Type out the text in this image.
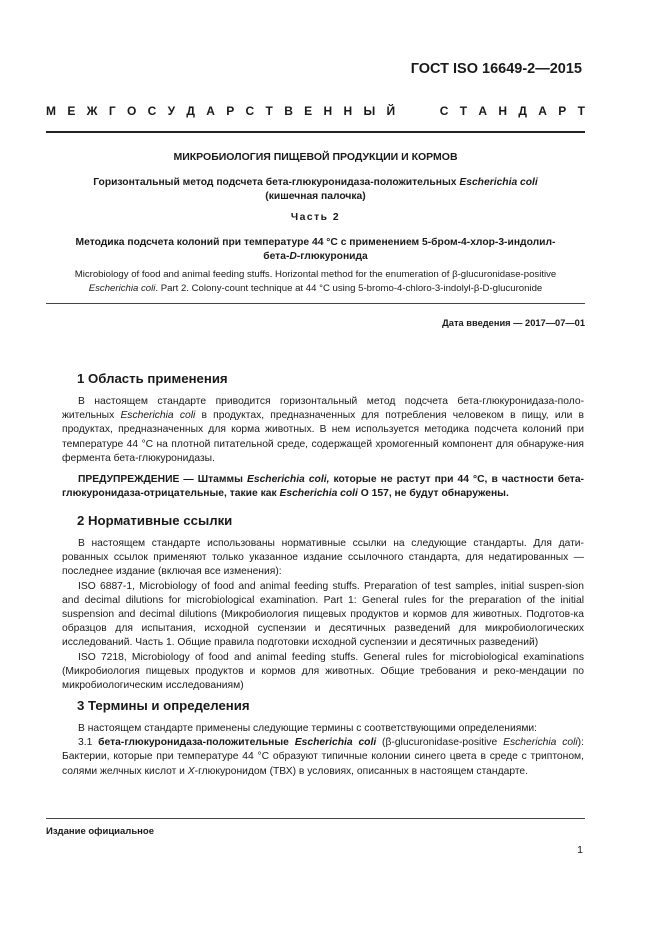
ГОСТ ISO 16649-2—2015
М Е Ж Г О С У Д А Р С Т В Е Н Н Ы Й	С Т А Н Д А Р Т
МИКРОБИОЛОГИЯ ПИЩЕВОЙ ПРОДУКЦИИ И КОРМОВ
Горизонтальный метод подсчета бета-глюкуронидаза-положительных Escherichia coli
(кишечная палочка)
Часть 2
Методика подсчета колоний при температуре 44 °С с применением 5-бром-4-хлор-3-индолил-
бета-D-глюкуронида
Microbiology of food and animal feeding stuffs. Horizontal method for the enumeration of β-glucuronidase-positive
Escherichia coli. Part 2. Colony-count technique at 44 °C using 5-bromo-4-chloro-3-indolyl-β-D-glucuronide
Дата введения — 2017—07—01
1 Область применения

В настоящем стандарте приводится горизонтальный метод подсчета бета-глюкуронидаза-поло-жительных Escherichia coli в продуктах, предназначенных для потребления человеком в пищу, или в продуктах, предназначенных для корма животных. В нем используется методика подсчета колоний при температуре 44 °С на плотной питательной среде, содержащей хромогенный компонент для обнаруже-ния фермента бета-глюкуронидазы.

ПРЕДУПРЕЖДЕНИЕ — Штаммы Escherichia coli, которые не растут при 44 °С, в частности бета-глюкуронидаза-отрицательные, такие как Escherichia coli О 157, не будут обнаружены.

2 Нормативные ссылки

В настоящем стандарте использованы нормативные ссылки на следующие стандарты. Для дати-рованных ссылок применяют только указанное издание ссылочного стандарта, для недатированных — последнее издание (включая все изменения):

ISO 6887-1, Microbiology of food and animal feeding stuffs. Preparation of test samples, initial suspen-sion and decimal dilutions for microbiological examination. Part 1: General rules for the preparation of the initial suspension and decimal dilutions (Микробиология пищевых продуктов и кормов для животных. Подготов-ка образцов для испытания, исходной суспензии и десятичных разведений для микробиологических исследований. Часть 1. Общие правила подготовки исходной суспензии и десятичных разведений)

ISO 7218, Microbiology of food and animal feeding stuffs. General rules for microbiological examinations (Микробиология пищевых продуктов и кормов для животных. Общие требования и реко-мендации по микробиологическим исследованиям)

3 Термины и определения

В настоящем стандарте применены следующие термины с соответствующими определениями:

3.1 бета-глюкуронидаза-положительные Escherichia coli (β-glucuronidase-positive Escherichia coli): Бактерии, которые при температуре 44 °С образуют типичные колонии синего цвета в среде с триптоном, солями желчных кислот и X-глюкуронидом (ТВХ) в условиях, описанных в настоящем стандарте.

Издание официальное
1
